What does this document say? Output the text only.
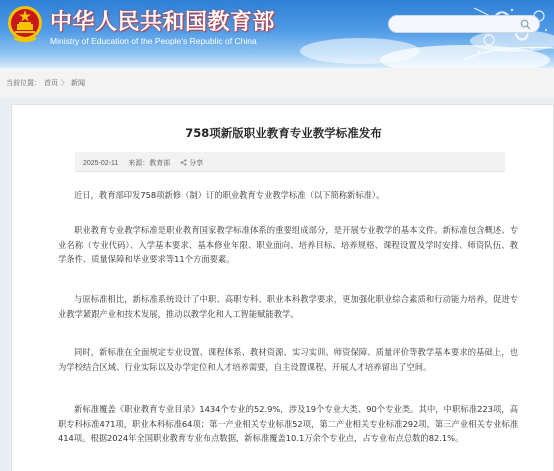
中华人民共和国教育部
Ministry of Education of the People's Republic of China
当前位置： 首页 〉 新闻
758项新版职业教育专业教学标准发布
2025-02-11 来源：教育部	分享

近日，教育部印发758项新修（制）订的职业教育专业教学标准（以下简称新标准）。

职业教育专业教学标准是职业教育国家教学标准体系的重要组成部分，是开展专业教学的基本文件。新标准包含概述、专业名称（专业代码）、入学基本要求、基本修业年限、职业面向、培养目标、培养规格、课程设置及学时安排、师资队伍、教学条件、质量保障和毕业要求等11个方面要素。

与原标准相比，新标准系统设计了中职、高职专科、职业本科教学要求，更加强化职业综合素质和行动能力培养，促进专业教学紧跟产业和技术发展，推动以教学化和人工智能赋能教学。

同时，新标准在全面规定专业设置、课程体系、教材资源、实习实训、师资保障、质量评价等教学基本要求的基础上，也为学校结合区域、行业实际以及办学定位和人才培养需要，自主设置课程、开展人才培养留出了空间。

新标准覆盖《职业教育专业目录》1434个专业的52.9%，涉及19个专业大类、90个专业类。其中，中职标准223项，高职专科标准471项，职业本科标准64项；第一产业相关专业标准52项，第二产业相关专业标准292项，第三产业相关专业标准414项。根据2024年全国职业教育专业布点数据，新标准覆盖10.1万余个专业点，占专业布点总数的82.1%。
